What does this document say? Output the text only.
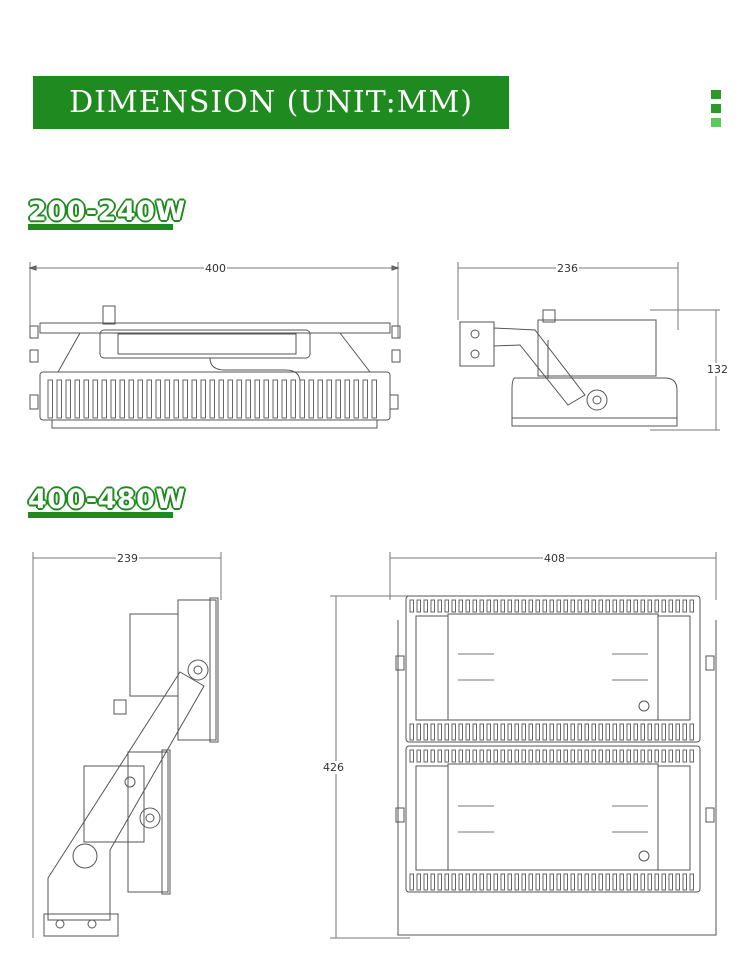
DIMENSION (UNIT:MM)
200-240W
400-480W
400	236
132
239	408
426
